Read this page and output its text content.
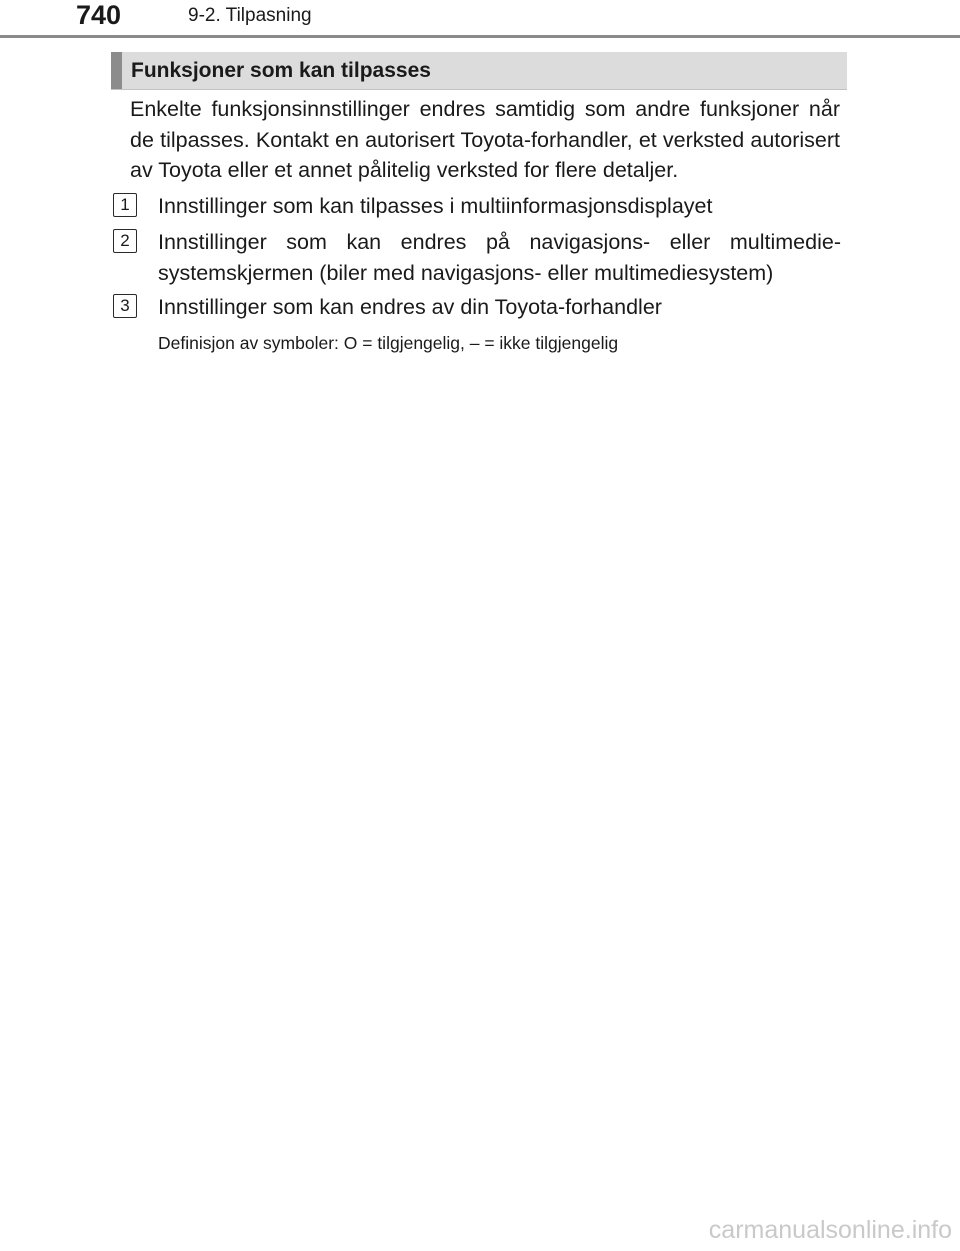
740	9-2. Tilpasning
Funksjoner som kan tilpasses

Enkelte funksjonsinnstillinger endres samtidig som andre funksjoner når de tilpasses. Kontakt en autorisert Toyota-forhandler, et verksted autorisert av Toyota eller et annet pålitelig verksted for flere detaljer.

1	Innstillinger som kan tilpasses i multiinformasjonsdisplayet
2	Innstillinger som kan endres på navigasjons- eller multimedie-systemskjermen (biler med navigasjons- eller multimediesystem)
3	Innstillinger som kan endres av din Toyota-forhandler
Definisjon av symboler: O = tilgjengelig, – = ikke tilgjengelig
carmanualsonline.info
